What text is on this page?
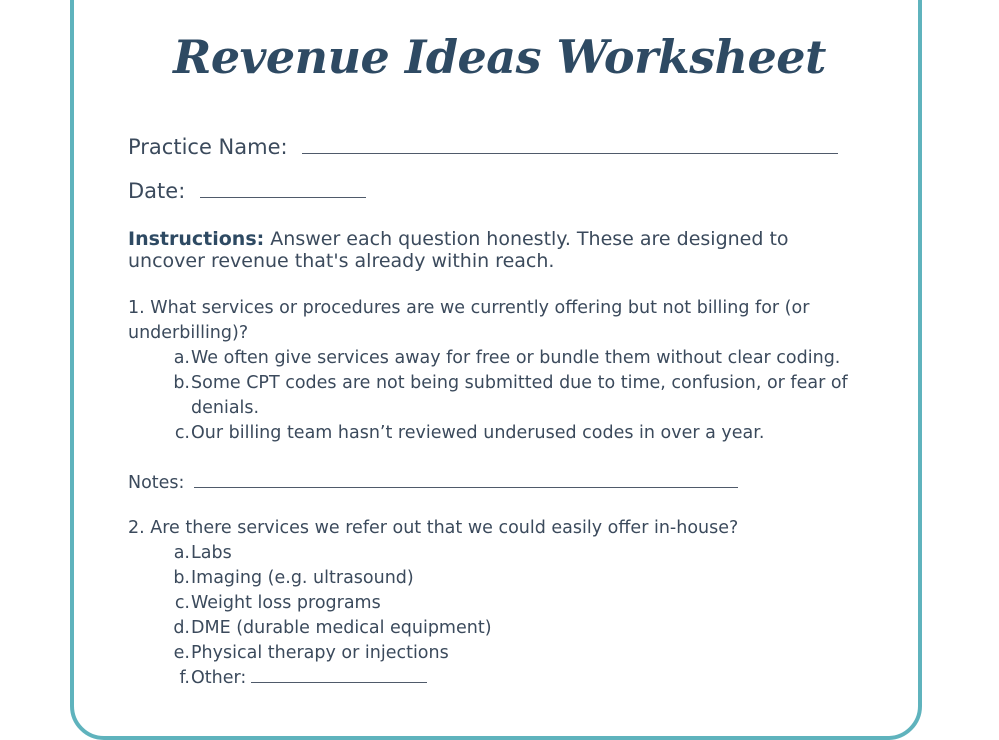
Revenue Ideas Worksheet
Practice Name:
Date:
Instructions: Answer each question honestly. These are designed to uncover revenue that's already within reach.
1. What services or procedures are we currently offering but not billing for (or underbilling)?
a. We often give services away for free or bundle them without clear coding.
b. Some CPT codes are not being submitted due to time, confusion, or fear of denials.
c. Our billing team hasn’t reviewed underused codes in over a year.
Notes:
2. Are there services we refer out that we could easily offer in-house?
a. Labs
b. Imaging (e.g. ultrasound)
c. Weight loss programs
d. DME (durable medical equipment)
e. Physical therapy or injections
f. Other:
